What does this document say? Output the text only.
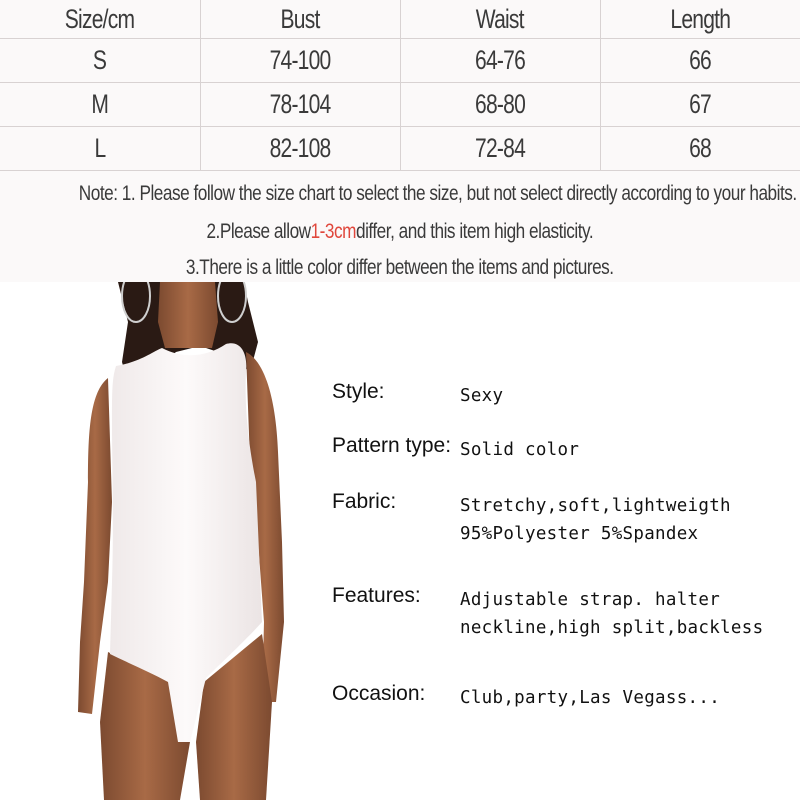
Size/cm	Bust	Waist	Length
S	74-100	64-76	66
M	78-104	68-80	67
L	82-108	72-84	68
Note: 1. Please follow the size chart to select the size, but not select directly according to your habits.
2.Please allow1-3cmdiffer, and this item high elasticity.
3.There is a little color differ between the items and pictures.
Style:	Sexy
Pattern type: Solid color
Fabric:	Stretchy,soft,lightweigth
95%Polyester 5%Spandex
Features: Adjustable strap. halter
neckline,high split,backless
Occasion: Club,party,Las Vegass...
